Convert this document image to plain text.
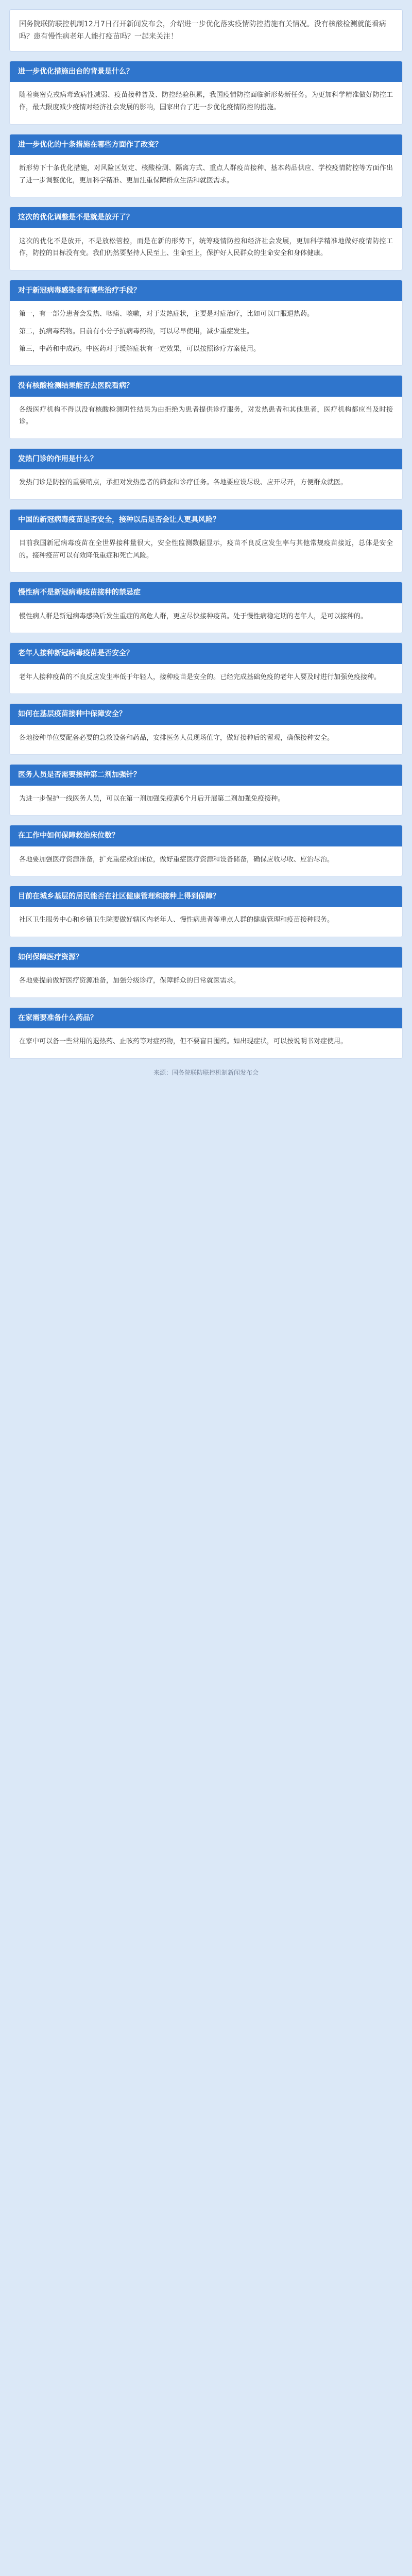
国务院联防联控机制12月7日召开新闻发布会，介绍进一步优化落实疫情防控措施有关情况。没有核酸检测就能看病吗？患有慢性病老年人能打疫苗吗？一起来关注！
进一步优化措施出台的背景是什么？

随着奥密克戎病毒致病性减弱、疫苗接种普及、防控经验积累，我国疫情防控面临新形势新任务。为更加科学精准做好防控工作，最大限度减少疫情对经济社会发展的影响，国家出台了进一步优化疫情防控的措施。

进一步优化的十条措施在哪些方面作了改变？

新形势下十条优化措施，对风险区划定、核酸检测、隔离方式、重点人群疫苗接种、基本药品供应、学校疫情防控等方面作出了进一步调整优化，更加科学精准、更加注重保障群众生活和就医需求。

这次的优化调整是不是就是放开了？

这次的优化不是放开，不是放松管控，而是在新的形势下，统筹疫情防控和经济社会发展，更加科学精准地做好疫情防控工作，防控的目标没有变。我们仍然要坚持人民至上、生命至上，保护好人民群众的生命安全和身体健康。

对于新冠病毒感染者有哪些治疗手段？

第一，有一部分患者会发热、咽痛、咳嗽，对于发热症状，主要是对症治疗，比如可以口服退热药。

第二，抗病毒药物。目前有小分子抗病毒药物，可以尽早使用，减少重症发生。

第三，中药和中成药。中医药对于缓解症状有一定效果，可以按照诊疗方案使用。

没有核酸检测结果能否去医院看病？

各级医疗机构不得以没有核酸检测阴性结果为由拒绝为患者提供诊疗服务，对发热患者和其他患者，医疗机构都应当及时接诊。

发热门诊的作用是什么？

发热门诊是防控的重要哨点，承担对发热患者的筛查和诊疗任务。各地要应设尽设、应开尽开，方便群众就医。

中国的新冠病毒疫苗是否安全，接种以后是否会让人更具风险？

目前我国新冠病毒疫苗在全世界接种量很大，安全性监测数据显示，疫苗不良反应发生率与其他常规疫苗接近，总体是安全的。接种疫苗可以有效降低重症和死亡风险。

慢性病不是新冠病毒疫苗接种的禁忌症

慢性病人群是新冠病毒感染后发生重症的高危人群，更应尽快接种疫苗。处于慢性病稳定期的老年人，是可以接种的。

老年人接种新冠病毒疫苗是否安全？

老年人接种疫苗的不良反应发生率低于年轻人，接种疫苗是安全的。已经完成基础免疫的老年人要及时进行加强免疫接种。

如何在基层疫苗接种中保障安全？

各地接种单位要配备必要的急救设备和药品，安排医务人员现场值守，做好接种后的留观，确保接种安全。

医务人员是否需要接种第二剂加强针？

为进一步保护一线医务人员，可以在第一剂加强免疫满6个月后开展第二剂加强免疫接种。

在工作中如何保障救治床位数？

各地要加强医疗资源准备，扩充重症救治床位，做好重症医疗资源和设备储备，确保应收尽收、应治尽治。

目前在城乡基层的居民能否在社区健康管理和接种上得到保障？

社区卫生服务中心和乡镇卫生院要做好辖区内老年人、慢性病患者等重点人群的健康管理和疫苗接种服务。

如何保障医疗资源？

各地要提前做好医疗资源准备，加强分级诊疗，保障群众的日常就医需求。

在家需要准备什么药品？

在家中可以备一些常用的退热药、止咳药等对症药物，但不要盲目囤药。如出现症状，可以按说明书对症使用。

来源：国务院联防联控机制新闻发布会
